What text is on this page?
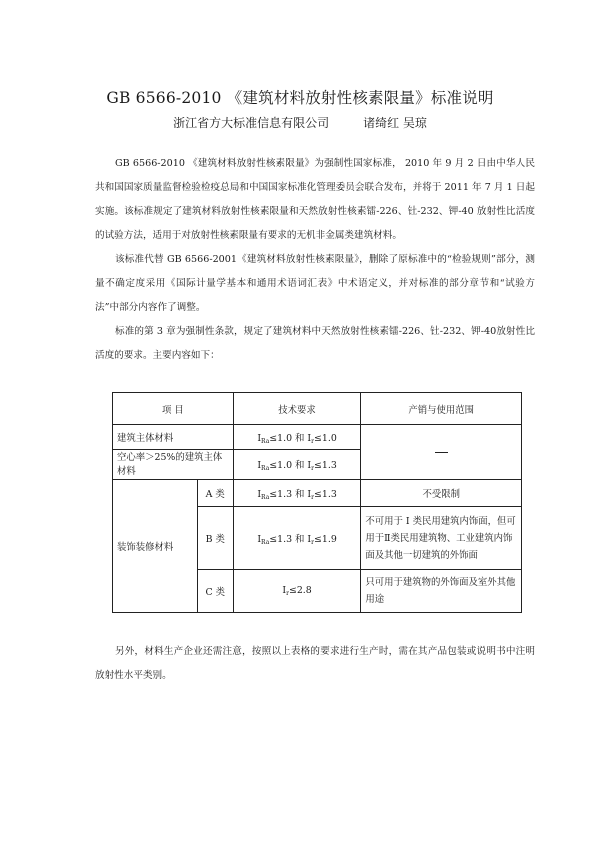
GB 6566-2010 《建筑材料放射性核素限量》标准说明
浙江省方大标准信息有限公司	诸绮红 吴琼

GB 6566-2010 《建筑材料放射性核素限量》为强制性国家标准， 2010 年 9 月 2 日由中华人民共和国国家质量监督检验检疫总局和中国国家标准化管理委员会联合发布，并将于 2011 年 7 月 1 日起实施。该标准规定了建筑材料放射性核素限量和天然放射性核素镭-226、钍-232、钾-40 放射性比活度的试验方法，适用于对放射性核素限量有要求的无机非金属类建筑材料。

该标准代替 GB 6566-2001《建筑材料放射性核素限量》，删除了原标准中的“检验规则”部分，测量不确定度采用《国际计量学基本和通用术语词汇表》中术语定义，并对标准的部分章节和“试验方法”中部分内容作了调整。

标准的第 3 章为强制性条款，规定了建筑材料中天然放射性核素镭-226、钍-232、钾-40放射性比活度的要求。主要内容如下：

项 目		技术要求	产销与使用范围
建筑主体材料		$I_{Ra}\le 1.0$ 和 $I_r\le 1.0$	
空心率＞25%的建筑主体材料		$I_{Ra}\le 1.0$ 和 $I_r\le 1.3$	
装饰装修材料	A 类	$I_{Ra}\le 1.3$ 和 $I_r\le 1.3$	不受限制
	B 类	$I_{Ra}\le 1.3$ 和 $I_r\le 1.9$	不可用于 I 类民用建筑内饰面，但可用于Ⅱ类民用建筑物、工业建筑内饰面及其他一切建筑的外饰面
	C 类	$I_r\le 2.8$	只可用于建筑物的外饰面及室外其他用途

另外，材料生产企业还需注意，按照以上表格的要求进行生产时，需在其产品包装或说明书中注明放射性水平类别。
